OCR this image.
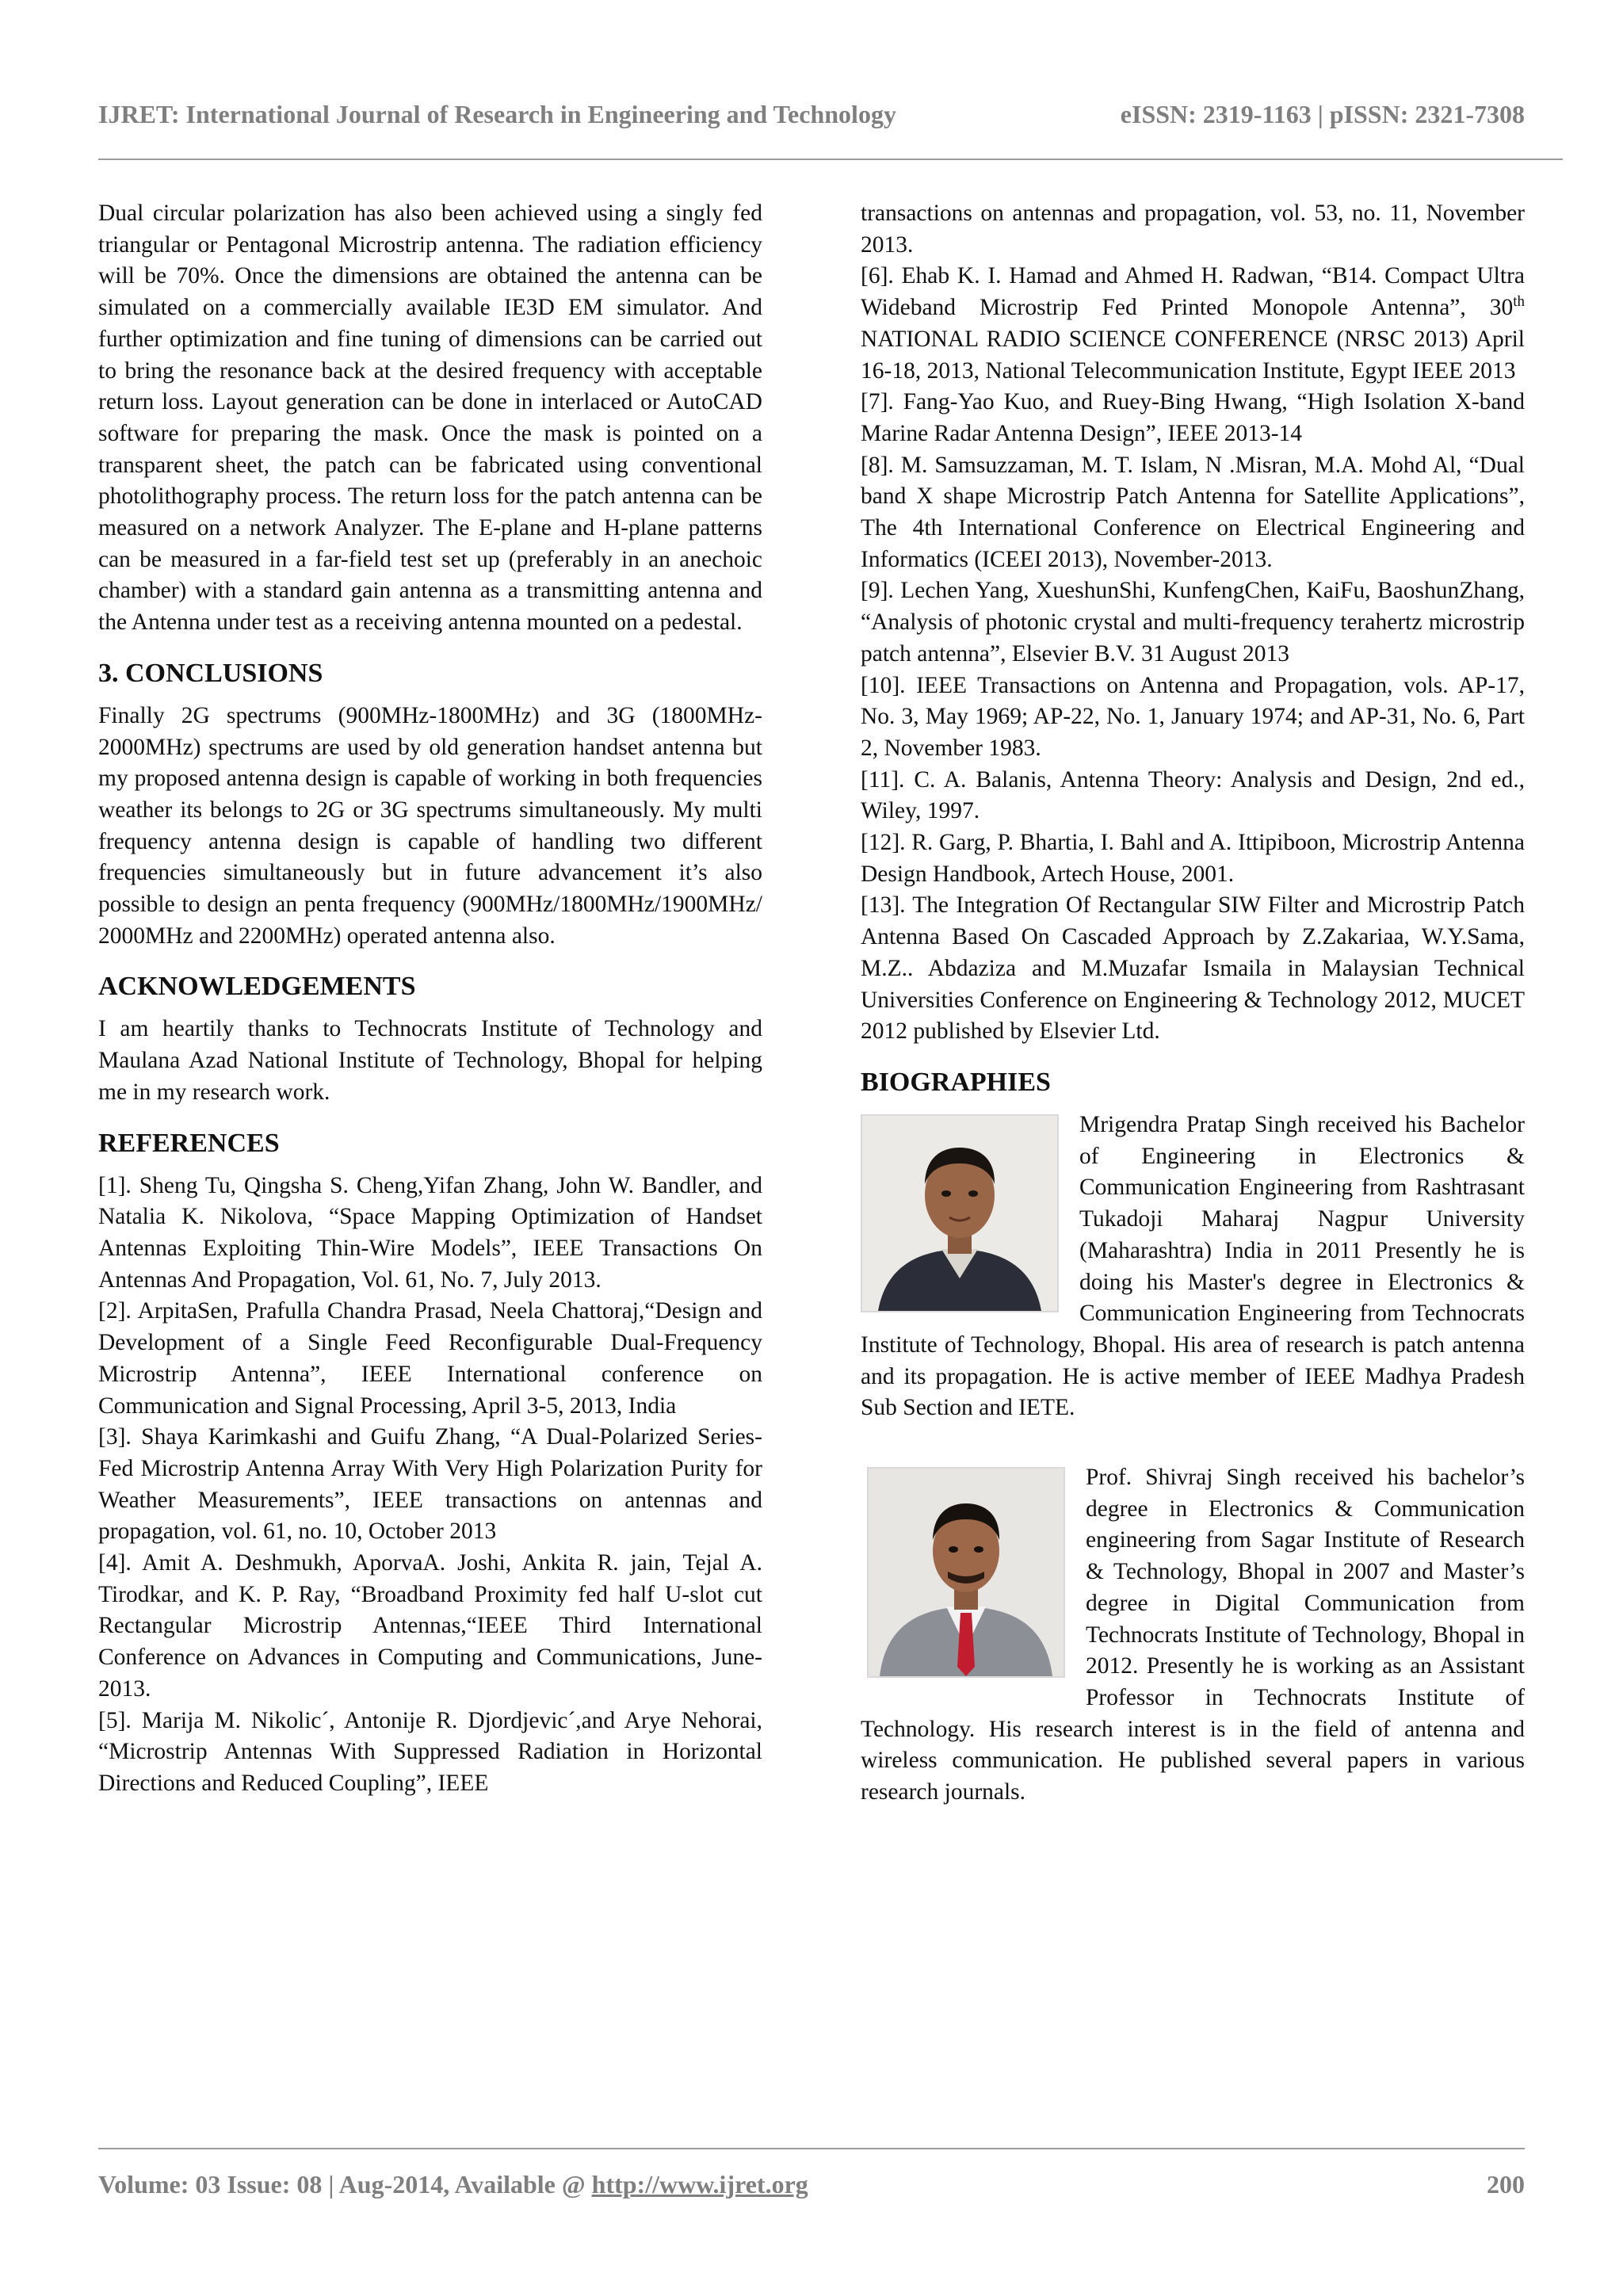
IJRET: International Journal of Research in Engineering and Technology	eISSN: 2319-1163 | pISSN: 2321-7308

Dual circular polarization has also been achieved using a singly fed triangular or Pentagonal Microstrip antenna. The radiation efficiency will be 70%. Once the dimensions are obtained the antenna can be simulated on a commercially available IE3D EM simulator. And further optimization and fine tuning of dimensions can be carried out to bring the resonance back at the desired frequency with acceptable return loss. Layout generation can be done in interlaced or AutoCAD software for preparing the mask. Once the mask is pointed on a transparent sheet, the patch can be fabricated using conventional photolithography process. The return loss for the patch antenna can be measured on a network Analyzer. The E-plane and H-plane patterns can be measured in a far-field test set up (preferably in an anechoic chamber) with a standard gain antenna as a transmitting antenna and the Antenna under test as a receiving antenna mounted on a pedestal.

3. CONCLUSIONS

Finally 2G spectrums (900MHz-1800MHz) and 3G (1800MHz-2000MHz) spectrums are used by old generation handset antenna but my proposed antenna design is capable of working in both frequencies weather its belongs to 2G or 3G spectrums simultaneously. My multi frequency antenna design is capable of handling two different frequencies simultaneously but in future advancement it’s also possible to design an penta frequency (900MHz/1800MHz/1900MHz/ 2000MHz and 2200MHz) operated antenna also.

ACKNOWLEDGEMENTS

I am heartily thanks to Technocrats Institute of Technology and Maulana Azad National Institute of Technology, Bhopal for helping me in my research work.

REFERENCES

[1]. Sheng Tu, Qingsha S. Cheng,Yifan Zhang, John W. Bandler, and Natalia K. Nikolova, “Space Mapping Optimization of Handset Antennas Exploiting Thin-Wire Models”, IEEE Transactions On Antennas And Propagation, Vol. 61, No. 7, July 2013.

[2]. ArpitaSen, Prafulla Chandra Prasad, Neela Chattoraj,“Design and Development of a Single Feed Reconfigurable Dual-Frequency Microstrip Antenna”, IEEE International conference on Communication and Signal Processing, April 3-5, 2013, India

[3]. Shaya Karimkashi and Guifu Zhang, “A Dual-Polarized Series-Fed Microstrip Antenna Array With Very High Polarization Purity for Weather Measurements”, IEEE transactions on antennas and propagation, vol. 61, no. 10, October 2013

[4]. Amit A. Deshmukh, AporvaA. Joshi, Ankita R. jain, Tejal A. Tirodkar, and K. P. Ray, “Broadband Proximity fed half U-slot cut Rectangular Microstrip Antennas,“IEEE Third International Conference on Advances in Computing and Communications, June-2013.

[5]. Marija M. Nikolic´, Antonije R. Djordjevic´,and Arye Nehorai, “Microstrip Antennas With Suppressed Radiation in Horizontal Directions and Reduced Coupling”, IEEE

transactions on antennas and propagation, vol. 53, no. 11, November 2013.

[6]. Ehab K. I. Hamad and Ahmed H. Radwan, “B14. Compact Ultra Wideband Microstrip Fed Printed Monopole Antenna”, 30th NATIONAL RADIO SCIENCE CONFERENCE (NRSC 2013) April 16-18, 2013, National Telecommunication Institute, Egypt IEEE 2013

[7]. Fang-Yao Kuo, and Ruey-Bing Hwang, “High Isolation X-band Marine Radar Antenna Design”, IEEE 2013-14

[8]. M. Samsuzzaman, M. T. Islam, N .Misran, M.A. Mohd Al, “Dual band X shape Microstrip Patch Antenna for Satellite Applications”, The 4th International Conference on Electrical Engineering and Informatics (ICEEI 2013), November-2013.

[9]. Lechen Yang, XueshunShi, KunfengChen, KaiFu, BaoshunZhang, “Analysis of photonic crystal and multi-frequency terahertz microstrip patch antenna”, Elsevier B.V. 31 August 2013

[10]. IEEE Transactions on Antenna and Propagation, vols. AP-17, No. 3, May 1969; AP-22, No. 1, January 1974; and AP-31, No. 6, Part 2, November 1983.

[11]. C. A. Balanis, Antenna Theory: Analysis and Design, 2nd ed., Wiley, 1997.

[12]. R. Garg, P. Bhartia, I. Bahl and A. Ittipiboon, Microstrip Antenna Design Handbook, Artech House, 2001.

[13]. The Integration Of Rectangular SIW Filter and Microstrip Patch Antenna Based On Cascaded Approach by Z.Zakariaa, W.Y.Sama, M.Z.. Abdaziza and M.Muzafar Ismaila in Malaysian Technical Universities Conference on Engineering & Technology 2012, MUCET 2012 published by Elsevier Ltd.

BIOGRAPHIES

Mrigendra Pratap Singh received his Bachelor of Engineering in Electronics & Communication Engineering from Rashtrasant Tukadoji Maharaj Nagpur University (Maharashtra) India in 2011 Presently he is doing his Master's degree in Electronics & Communication Engineering from Technocrats Institute of Technology, Bhopal. His area of research is patch antenna and its propagation. He is active member of IEEE Madhya Pradesh Sub Section and IETE.

Prof. Shivraj Singh received his bachelor’s degree in Electronics & Communication engineering from Sagar Institute of Research & Technology, Bhopal in 2007 and Master’s degree in Digital Communication from Technocrats Institute of Technology, Bhopal in 2012. Presently he is working as an Assistant Professor in Technocrats Institute of Technology. His research interest is in the field of antenna and wireless communication. He published several papers in various research journals.

Volume: 03 Issue: 08 | Aug-2014, Available @ http://www.ijret.org	200
